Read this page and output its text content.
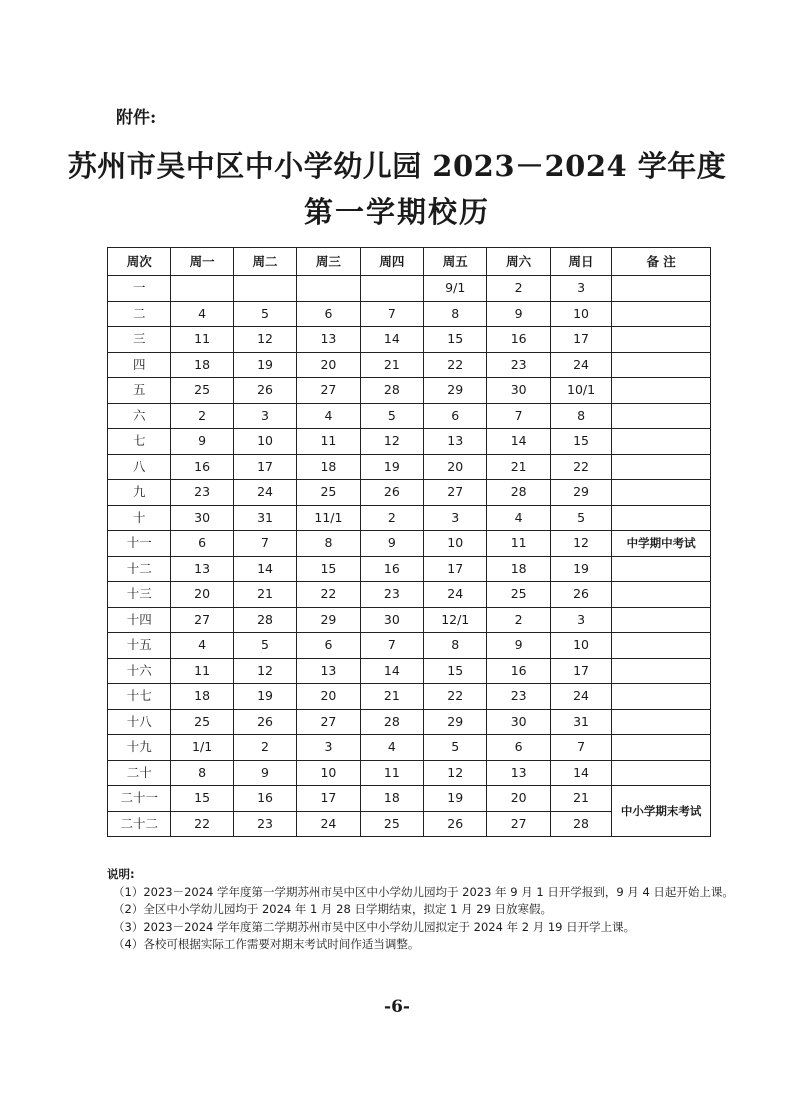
附件:
苏州市吴中区中小学幼儿园 2023－2024 学年度
第一学期校历
周次	周一	周二	周三	周四	周五	周六	周日	备 注
一					9/1	2	3	
二	4	5	6	7	8	9	10	
三	11	12	13	14	15	16	17	
四	18	19	20	21	22	23	24	
五	25	26	27	28	29	30	10/1	
六	2	3	4	5	6	7	8	
七	9	10	11	12	13	14	15	
八	16	17	18	19	20	21	22	
九	23	24	25	26	27	28	29	
十	30	31	11/1	2	3	4	5	
十一	6	7	8	9	10	11	12	中学期中考试
十二	13	14	15	16	17	18	19	
十三	20	21	22	23	24	25	26	
十四	27	28	29	30	12/1	2	3	
十五	4	5	6	7	8	9	10	
十六	11	12	13	14	15	16	17	
十七	18	19	20	21	22	23	24	
十八	25	26	27	28	29	30	31	
十九	1/1	2	3	4	5	6	7	
二十	8	9	10	11	12	13	14	
二十一	15	16	17	18	19	20	21	中小学期末考试
二十二	22	23	24	25	26	27	28	
说明:
（1）2023－2024 学年度第一学期苏州市吴中区中小学幼儿园均于 2023 年 9 月 1 日开学报到，9 月 4 日起开始上课。
（2）全区中小学幼儿园均于 2024 年 1 月 28 日学期结束，拟定 1 月 29 日放寒假。
（3）2023－2024 学年度第二学期苏州市吴中区中小学幼儿园拟定于 2024 年 2 月 19 日开学上课。
（4）各校可根据实际工作需要对期末考试时间作适当调整。
-6-
